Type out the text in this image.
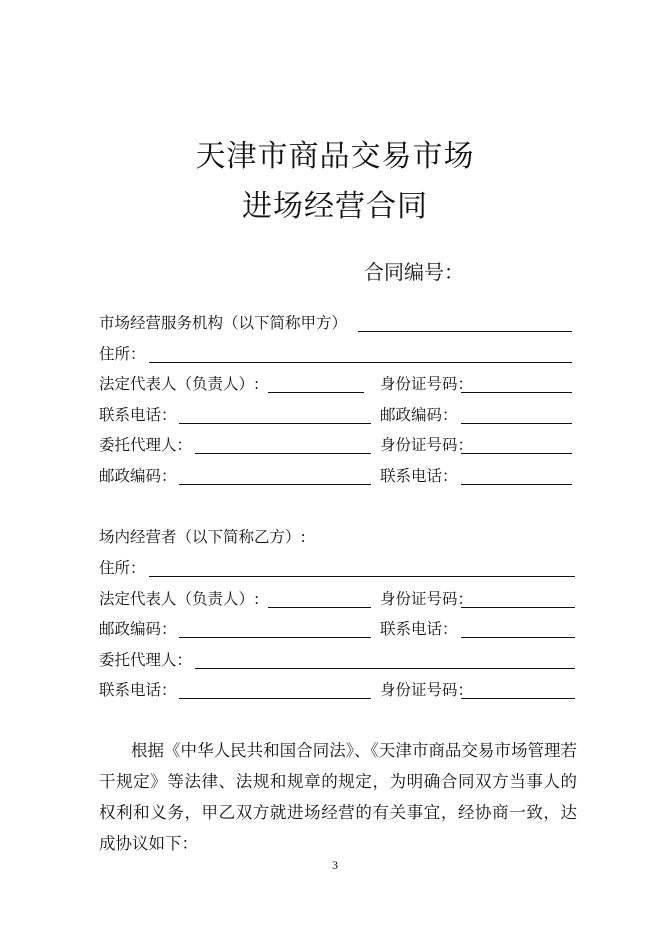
天津市商品交易市场
进场经营合同
合同编号：
市场经营服务机构（以下简称甲方）
住所：
法定代表人（负责人）:	身份证号码：
联系电话：	邮政编码：
委托代理人：	身份证号码：
邮政编码：	联系电话：
场内经营者（以下简称乙方）:
住所：
法定代表人（负责人）:	身份证号码：
邮政编码：	联系电话：
委托代理人：
联系电话：	身份证号码：
根据《中华人民共和国合同法》、《天津市商品交易市场管理若干规定》等法律、法规和规章的规定，为明确合同双方当事人的权利和义务，甲乙双方就进场经营的有关事宜，经协商一致，达成协议如下：
3
